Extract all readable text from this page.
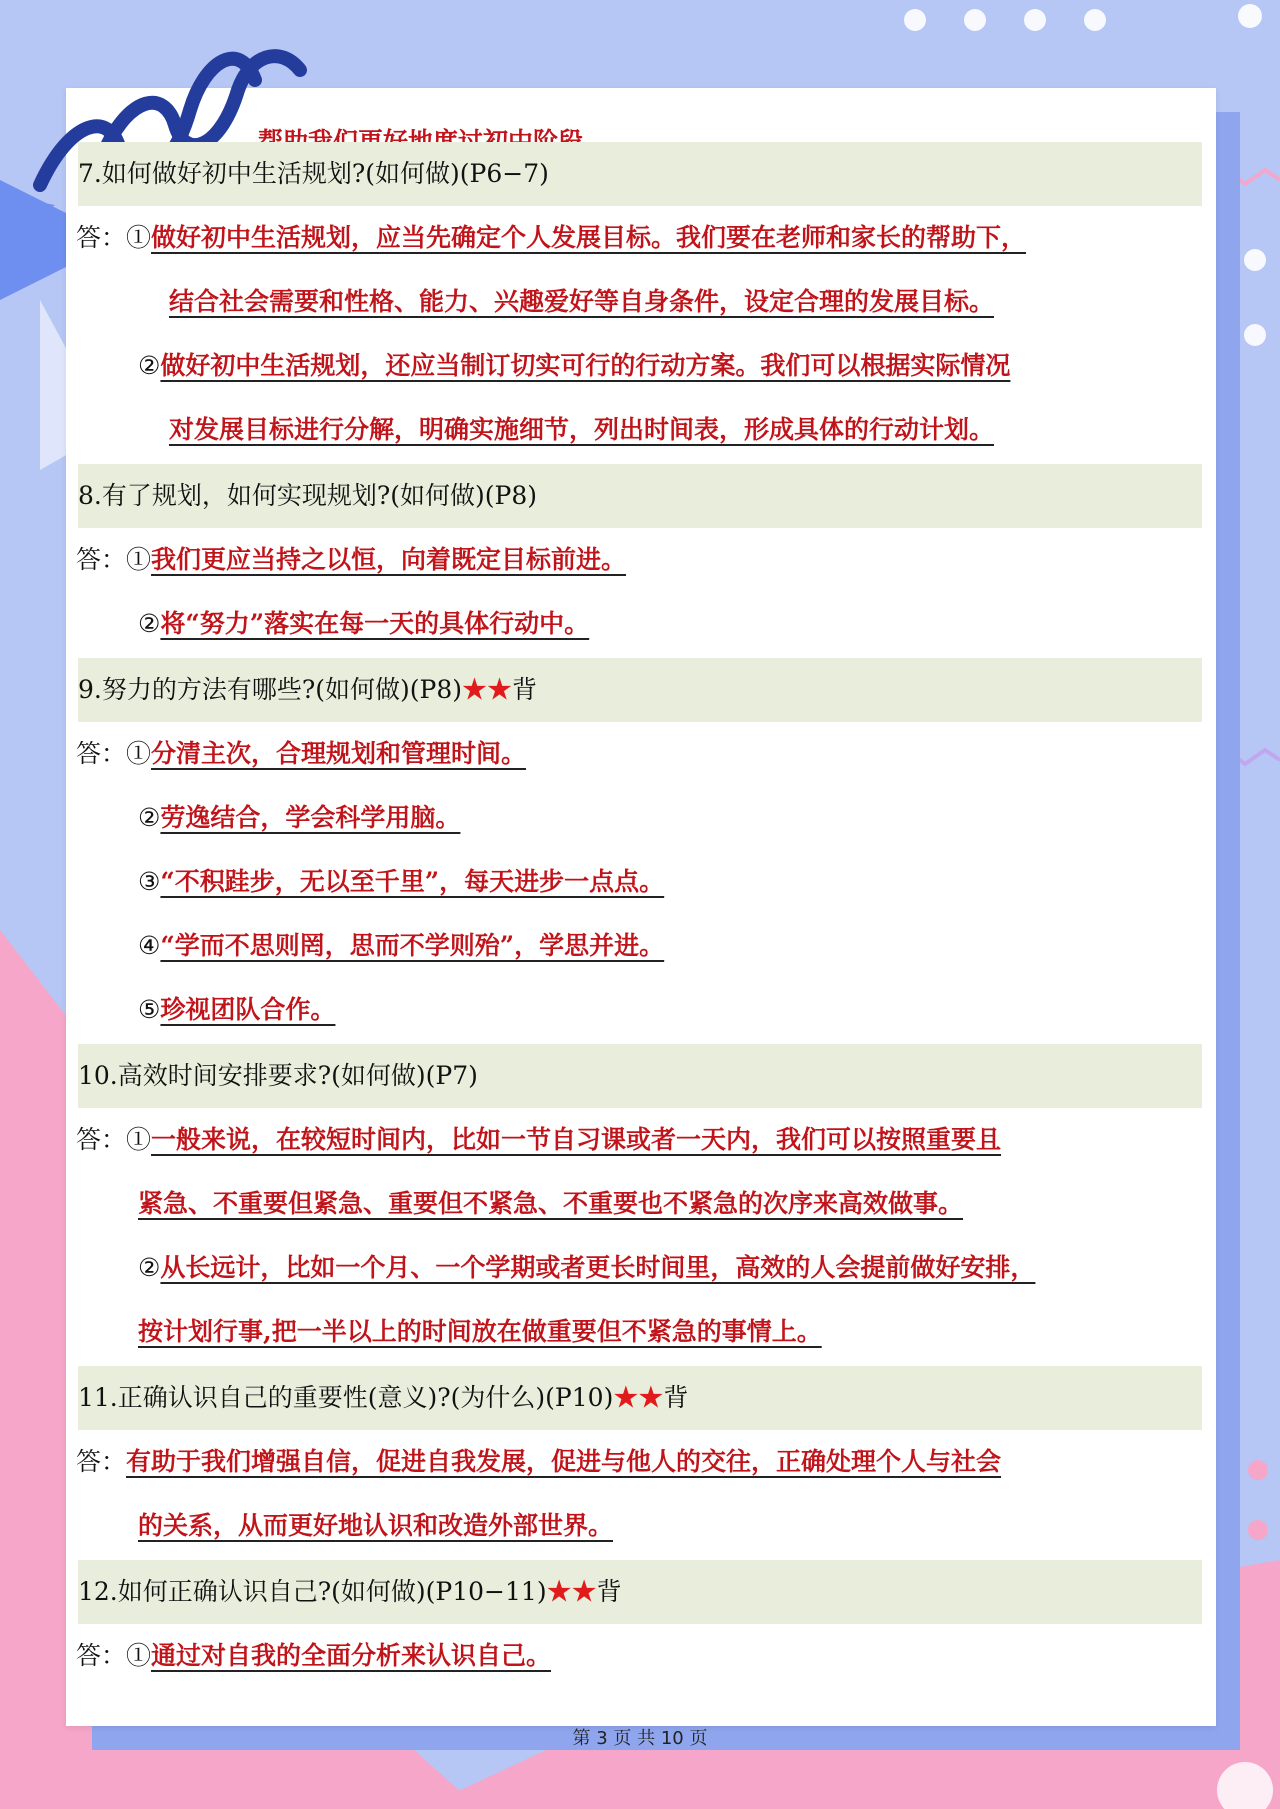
7.如何做好初中生活规划?(如何做)(P6−7)
答：①做好初中生活规划，应当先确定个人发展目标。我们要在老师和家长的帮助下，
结合社会需要和性格、能力、兴趣爱好等自身条件，设定合理的发展目标。
②做好初中生活规划，还应当制订切实可行的行动方案。我们可以根据实际情况
对发展目标进行分解，明确实施细节，列出时间表，形成具体的行动计划。
8.有了规划，如何实现规划?(如何做)(P8)
答：①我们更应当持之以恒，向着既定目标前进。
②将“努力”落实在每一天的具体行动中。
9.努力的方法有哪些?(如何做)(P8)★★背
答：①分清主次，合理规划和管理时间。
②劳逸结合，学会科学用脑。
③“不积跬步，无以至千里”，每天进步一点点。
④“学而不思则罔，思而不学则殆”，学思并进。
⑤珍视团队合作。
10.高效时间安排要求?(如何做)(P7)
答：①一般来说，在较短时间内，比如一节自习课或者一天内，我们可以按照重要且
紧急、不重要但紧急、重要但不紧急、不重要也不紧急的次序来高效做事。
②从长远计，比如一个月、一个学期或者更长时间里，高效的人会提前做好安排，
按计划行事,把一半以上的时间放在做重要但不紧急的事情上。
11.正确认识自己的重要性(意义)?(为什么)(P10)★★背
答：有助于我们增强自信，促进自我发展，促进与他人的交往，正确处理个人与社会
的关系，从而更好地认识和改造外部世界。
12.如何正确认识自己?(如何做)(P10−11)★★背
答：①通过对自我的全面分析来认识自己。
第 3 页 共 10 页
